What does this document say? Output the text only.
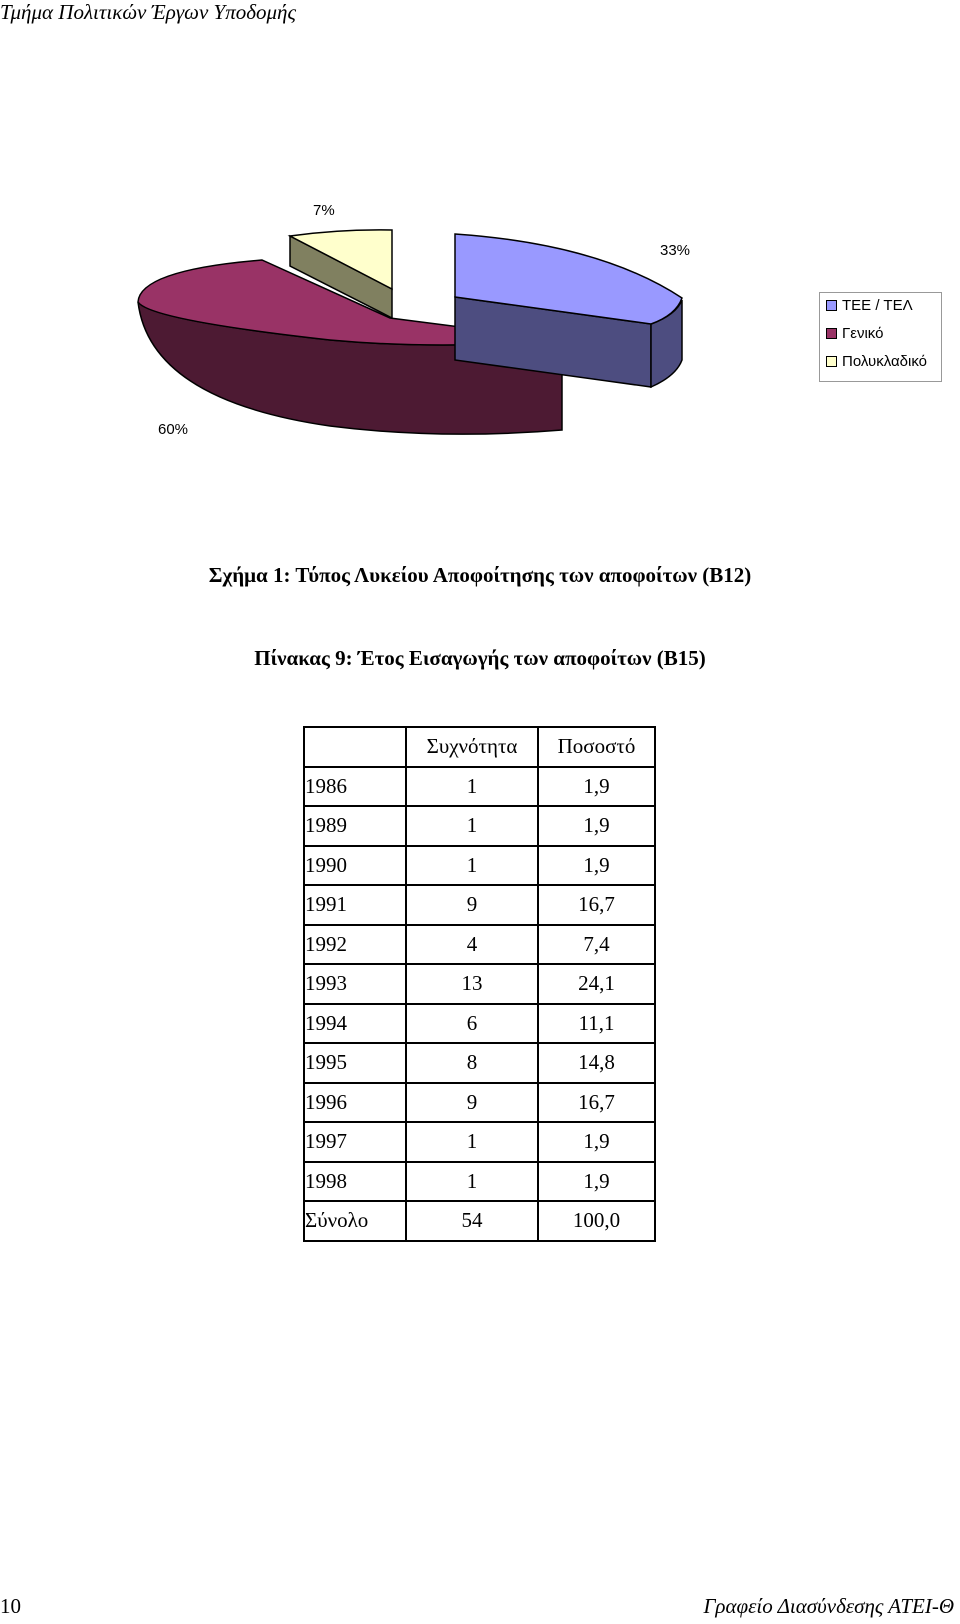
Τμήμα Πολιτικών Έργων Υποδομής
7%
33%
60%
ΤΕΕ / ΤΕΛ
Γενικό
Πολυκλαδικό
Σχήμα 1: Τύπος Λυκείου Αποφοίτησης των αποφοίτων (Β12)
Πίνακας 9: Έτος Εισαγωγής των αποφοίτων (Β15)
	Συχνότητα	Ποσοστό
1986	1	1,9
1989	1	1,9
1990	1	1,9
1991	9	16,7
1992	4	7,4
1993	13	24,1
1994	6	11,1
1995	8	14,8
1996	9	16,7
1997	1	1,9
1998	1	1,9
Σύνολο	54	100,0
10	Γραφείο Διασύνδεσης ΑΤΕΙ-Θ
